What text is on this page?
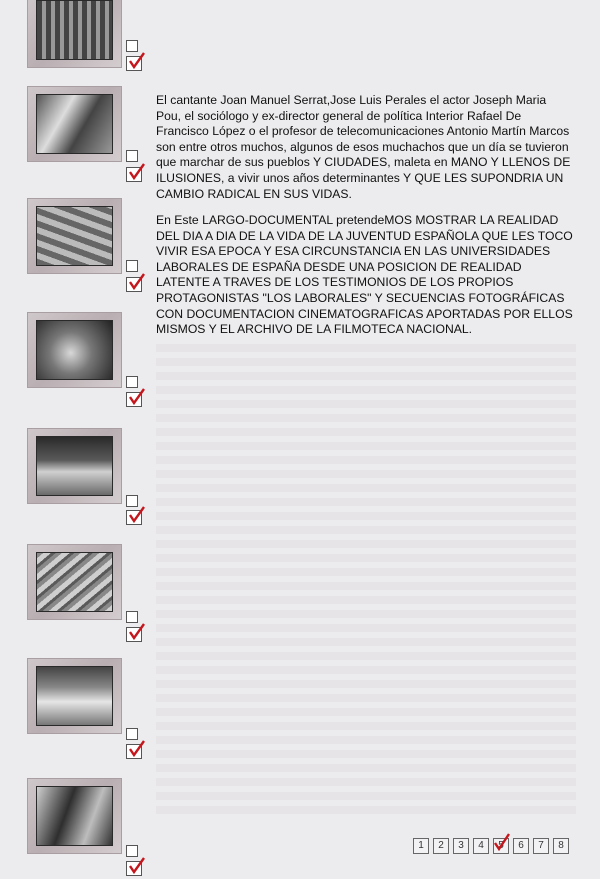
El cantante Joan Manuel Serrat,Jose Luis Perales el actor Joseph Maria Pou, el sociólogo y ex-director general de política Interior Rafael De Francisco López o el profesor de telecomunicaciones Antonio Martín Marcos son entre otros muchos, algunos de esos muchachos que un día se tuvieron que marchar de sus pueblos Y CIUDADES, maleta en MANO Y LLENOS DE ILUSIONES, a vivir unos años determinantes Y QUE LES SUPONDRIA UN CAMBIO RADICAL EN SUS VIDAS.
En Este LARGO-DOCUMENTAL pretendeMOS MOSTRAR LA REALIDAD DEL DIA A DIA DE LA VIDA DE LA JUVENTUD ESPAÑOLA QUE LES TOCO VIVIR ESA EPOCA Y ESA CIRCUNSTANCIA EN LAS UNIVERSIDADES LABORALES DE ESPAÑA DESDE UNA POSICION DE REALIDAD LATENTE A TRAVES DE LOS TESTIMONIOS DE LOS PROPIOS PROTAGONISTAS "LOS LABORALES" Y SECUENCIAS FOTOGRÁFICAS CON DOCUMENTACION CINEMATOGRAFICAS APORTADAS POR ELLOS MISMOS Y EL ARCHIVO DE LA FILMOTECA NACIONAL.
1	2	3	4	5	6	7	8
